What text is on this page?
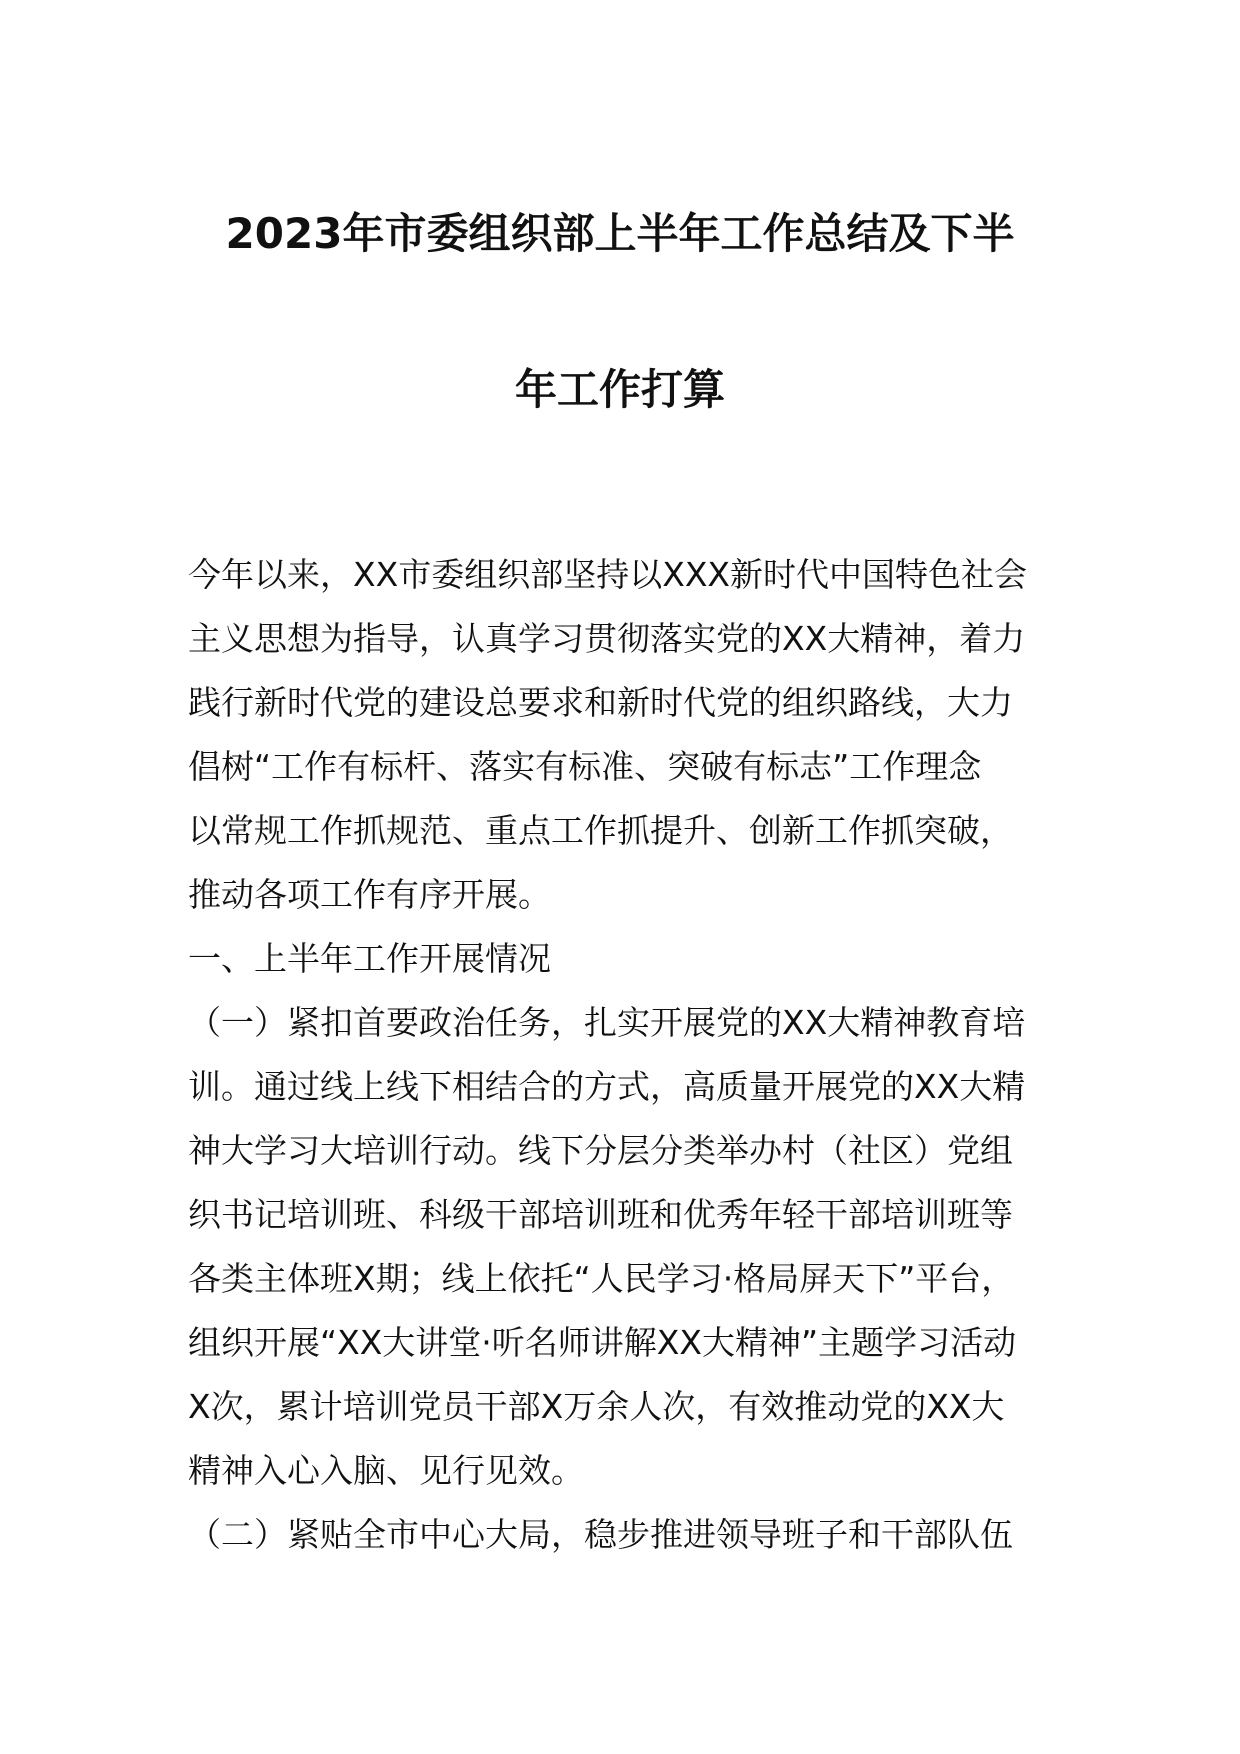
2023年市委组织部上半年工作总结及下半
年工作打算

今年以来，XX市委组织部坚持以XXX新时代中国特色社会

主义思想为指导，认真学习贯彻落实党的XX大精神，着力

践行新时代党的建设总要求和新时代党的组织路线，大力

倡树“工作有标杆、落实有标准、突破有标志”工作理念

以常规工作抓规范、重点工作抓提升、创新工作抓突破，

推动各项工作有序开展。

一、上半年工作开展情况

（一）紧扣首要政治任务，扎实开展党的XX大精神教育培

训。通过线上线下相结合的方式，高质量开展党的XX大精

神大学习大培训行动。线下分层分类举办村（社区）党组

织书记培训班、科级干部培训班和优秀年轻干部培训班等

各类主体班X期；线上依托“人民学习·格局屏天下”平台，

组织开展“XX大讲堂·听名师讲解XX大精神”主题学习活动

X次，累计培训党员干部X万余人次，有效推动党的XX大

精神入心入脑、见行见效。

（二）紧贴全市中心大局，稳步推进领导班子和干部队伍
